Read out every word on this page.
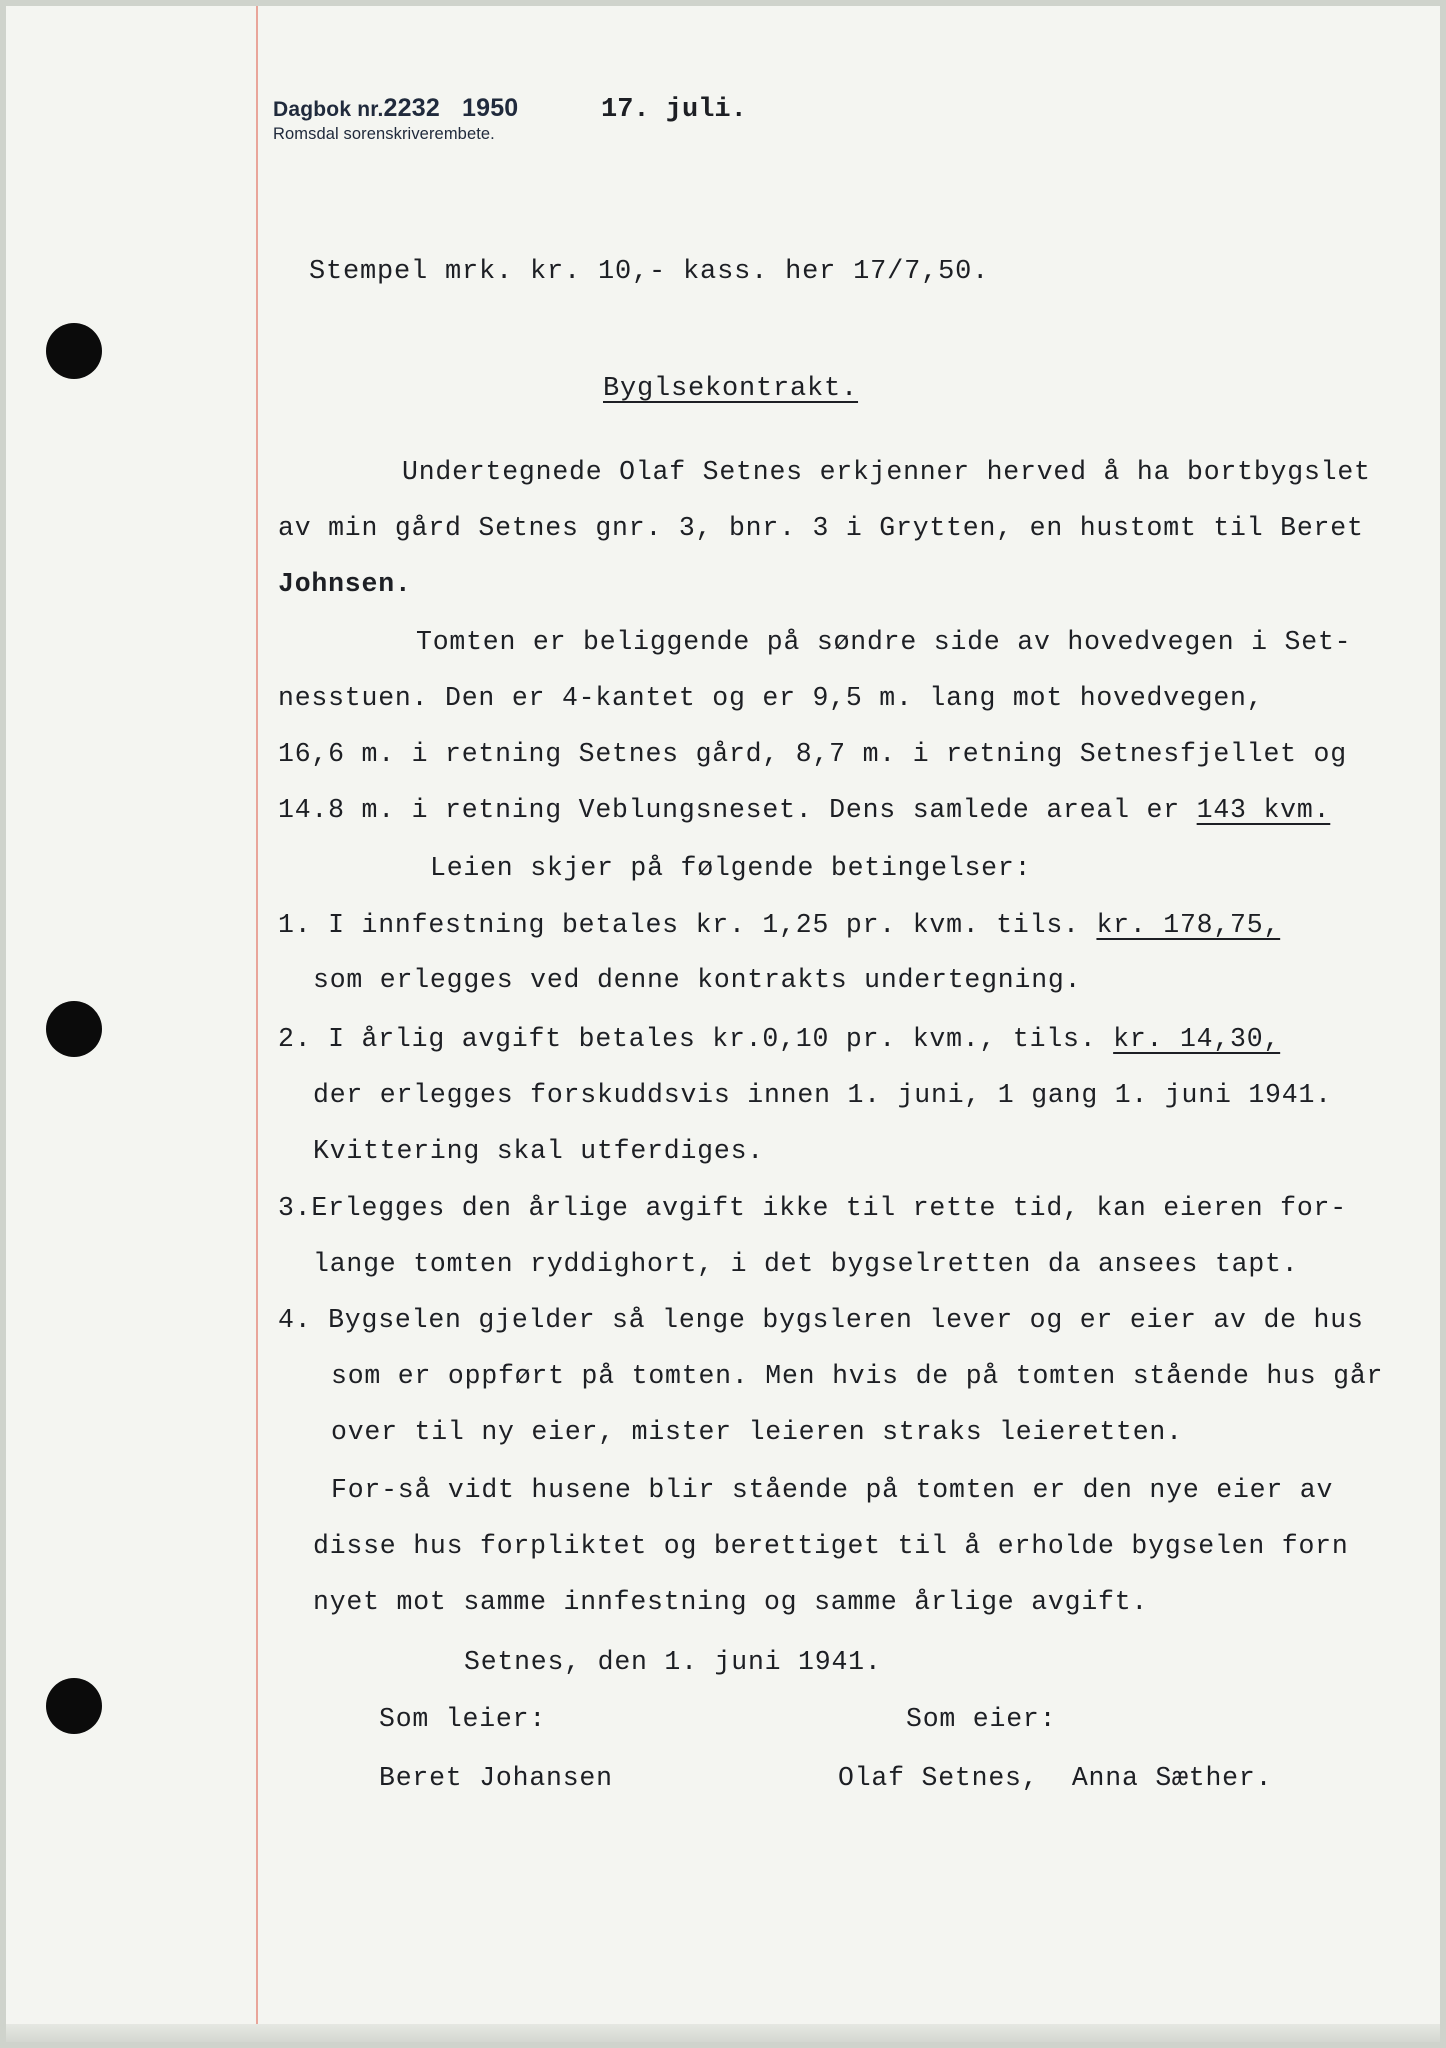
Dagbok nr.2232 1950
Romsdal sorenskriverembete.
17. juli.
Stempel mrk. kr. 10,- kass. her 17/7,50.
Byglsekontrakt.
Undertegnede Olaf Setnes erkjenner herved å ha bortbygslet
av min gård Setnes gnr. 3, bnr. 3 i Grytten, en hustomt til Beret
Johnsen.
Tomten er beliggende på søndre side av hovedvegen i Set-
nesstuen. Den er 4-kantet og er 9,5 m. lang mot hovedvegen,
16,6 m. i retning Setnes gård, 8,7 m. i retning Setnesfjellet og
14.8 m. i retning Veblungsneset. Dens samlede areal er 143 kvm.
Leien skjer på følgende betingelser:
1. I innfestning betales kr. 1,25 pr. kvm. tils. kr. 178,75,
som erlegges ved denne kontrakts undertegning.
2. I årlig avgift betales kr.0,10 pr. kvm., tils. kr. 14,30,
der erlegges forskuddsvis innen 1. juni, 1 gang 1. juni 1941.
Kvittering skal utferdiges.
3.Erlegges den årlige avgift ikke til rette tid, kan eieren for-
lange tomten ryddighort, i det bygselretten da ansees tapt.
4. Bygselen gjelder så lenge bygsleren lever og er eier av de hus
som er oppført på tomten. Men hvis de på tomten stående hus går
over til ny eier, mister leieren straks leieretten.
For-så vidt husene blir stående på tomten er den nye eier av
disse hus forpliktet og berettiget til å erholde bygselen forn
nyet mot samme innfestning og samme årlige avgift.
Setnes, den 1. juni 1941.
Som leier:	Som eier:
Beret Johansen	Olaf Setnes,  Anna Sæther.
